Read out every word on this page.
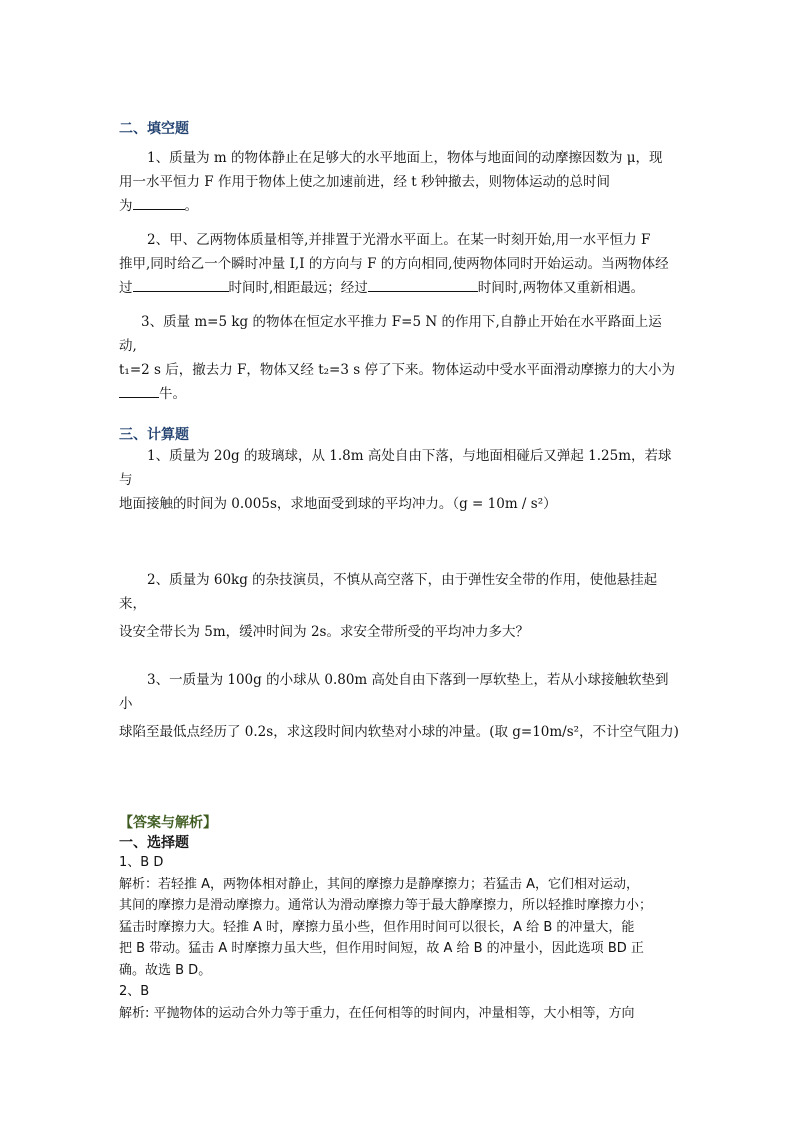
二、填空题

1、质量为 m 的物体静止在足够大的水平地面上，物体与地面间的动摩擦因数为 μ，现

用一水平恒力 F 作用于物体上使之加速前进，经 t 秒钟撤去，则物体运动的总时间

为	。

2、甲、乙两物体质量相等,并排置于光滑水平面上。在某一时刻开始,用一水平恒力 F

推甲,同时给乙一个瞬时冲量 I,I 的方向与 F 的方向相同,使两物体同时开始运动。当两物体经

过	时间时,相距最远；经过	时间时,两物体又重新相遇。

3、质量 m=5 kg 的物体在恒定水平推力 F=5 N 的作用下,自静止开始在水平路面上运动,

t₁=2 s 后，撤去力 F，物体又经 t₂=3 s 停了下来。物体运动中受水平面滑动摩擦力的大小为

牛。

三、计算题

1、质量为 20g 的玻璃球，从 1.8m 高处自由下落，与地面相碰后又弹起 1.25m，若球与

地面接触的时间为 0.005s，求地面受到球的平均冲力。（g = 10m / s²）

2、质量为 60kg 的杂技演员，不慎从高空落下，由于弹性安全带的作用，使他悬挂起来，

设安全带长为 5m，缓冲时间为 2s。求安全带所受的平均冲力多大？

3、一质量为 100g 的小球从 0.80m 高处自由下落到一厚软垫上，若从小球接触软垫到小

球陷至最低点经历了 0.2s，求这段时间内软垫对小球的冲量。(取 g=10m/s²，不计空气阻力)

【答案与解析】
一、选择题

1、B D

解析：若轻推 A，两物体相对静止，其间的摩擦力是静摩擦力；若猛击 A，它们相对运动，

其间的摩擦力是滑动摩擦力。通常认为滑动摩擦力等于最大静摩擦力，所以轻推时摩擦力小；

猛击时摩擦力大。轻推 A 时，摩擦力虽小些，但作用时间可以很长，A 给 B 的冲量大，能

把 B 带动。猛击 A 时摩擦力虽大些，但作用时间短，故 A 给 B 的冲量小，因此选项 BD 正

确。故选 B D。

2、B

解析: 平抛物体的运动合外力等于重力，在任何相等的时间内，冲量相等，大小相等，方向
